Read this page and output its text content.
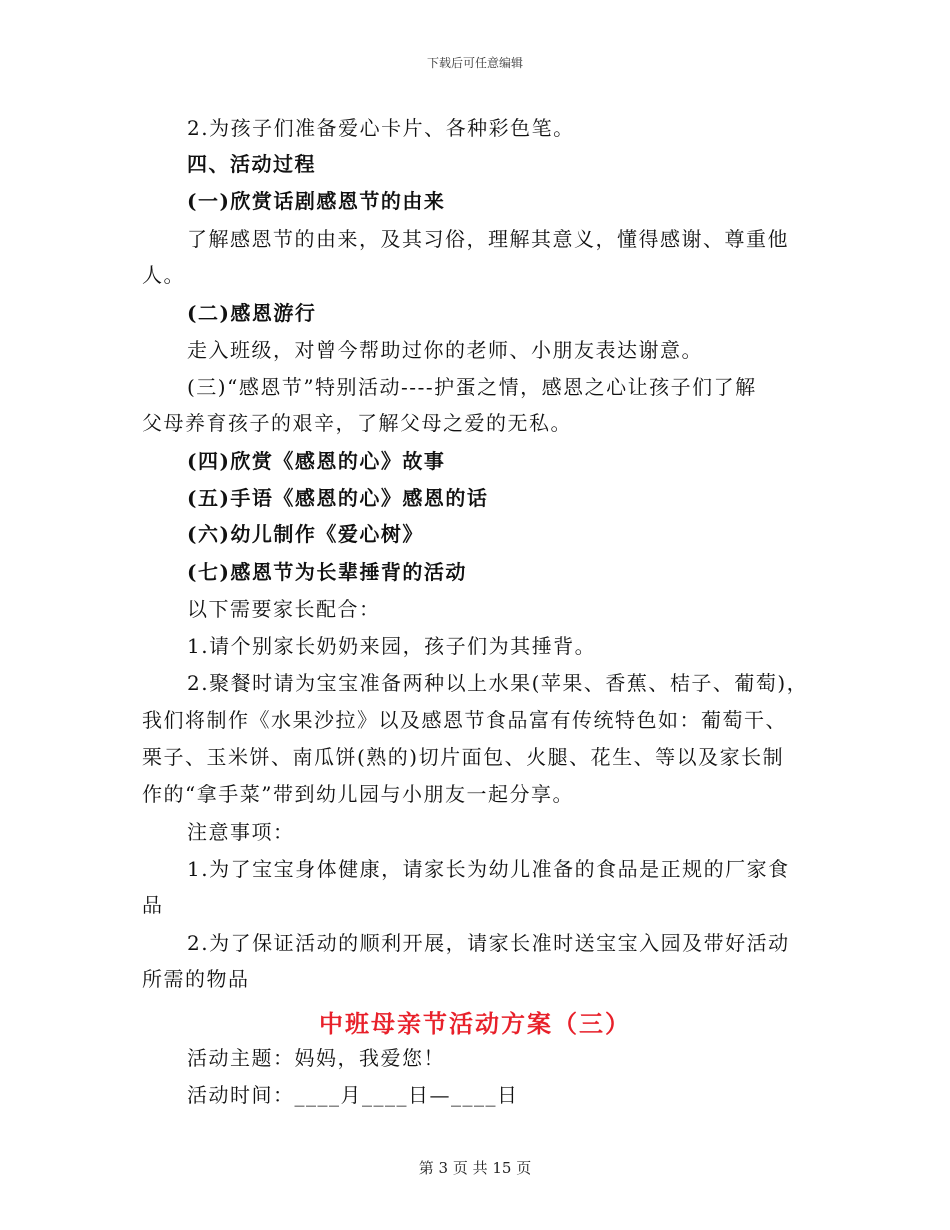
下载后可任意编辑
2.为孩子们准备爱心卡片、各种彩色笔。
四、活动过程
(一)欣赏话剧感恩节的由来
了解感恩节的由来，及其习俗，理解其意义，懂得感谢、尊重他
人。
(二)感恩游行
走入班级，对曾今帮助过你的老师、小朋友表达谢意。
(三)“感恩节”特别活动----护蛋之情，感恩之心让孩子们了解
父母养育孩子的艰辛，了解父母之爱的无私。
(四)欣赏《感恩的心》故事
(五)手语《感恩的心》感恩的话
(六)幼儿制作《爱心树》
(七)感恩节为长辈捶背的活动
以下需要家长配合：
1.请个别家长奶奶来园，孩子们为其捶背。
2.聚餐时请为宝宝准备两种以上水果(苹果、香蕉、桔子、葡萄)，
我们将制作《水果沙拉》以及感恩节食品富有传统特色如：葡萄干、
栗子、玉米饼、南瓜饼(熟的)切片面包、火腿、花生、等以及家长制
作的“拿手菜”带到幼儿园与小朋友一起分享。
注意事项：
1.为了宝宝身体健康，请家长为幼儿准备的食品是正规的厂家食
品
2.为了保证活动的顺利开展，请家长准时送宝宝入园及带好活动
所需的物品
中班母亲节活动方案（三）
活动主题：妈妈，我爱您！
活动时间：____月____日—____日
第 3 页 共 15 页
